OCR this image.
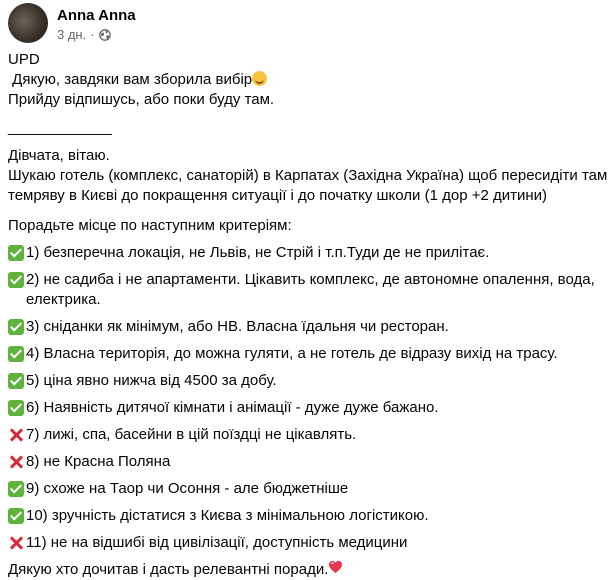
Anna Anna
3 дн. ·
UPD
Дякую, завдяки вам зборила вибір
Прийду відпишусь, або поки буду там.
______________
Дівчата, вітаю.
Шукаю готель (комплекс, санаторій) в Карпатах (Західна Україна) щоб пересидіти там
темряву в Києві до покращення ситуації і до початку школи (1 дор +2 дитини)
Порадьте місце по наступним критеріям:
1) безперечна локація, не Львів, не Стрій і т.п.Туди де не прилітає.
2) не садиба і не апартаменти. Цікавить комплекс, де автономне опалення, вода, електрика.
3) сніданки як мінімум, або НВ. Власна їдальня чи ресторан.
4) Власна територія, до можна гуляти, а не готель де відразу вихід на трасу.
5) ціна явно нижча від 4500 за добу.
6) Наявність дитячої кімнати і анімації - дуже дуже бажано.
7) лижі, спа, басейни в цій поїздці не цікавлять.
8) не Красна Поляна
9) схоже на Таор чи Осоння - але бюджетніше
10) зручність дістатися з Києва з мінімальною логістикою.
11) не на відшибі від цивілізації, доступність медицини
Дякую хто дочитав і дасть релевантні поради.
